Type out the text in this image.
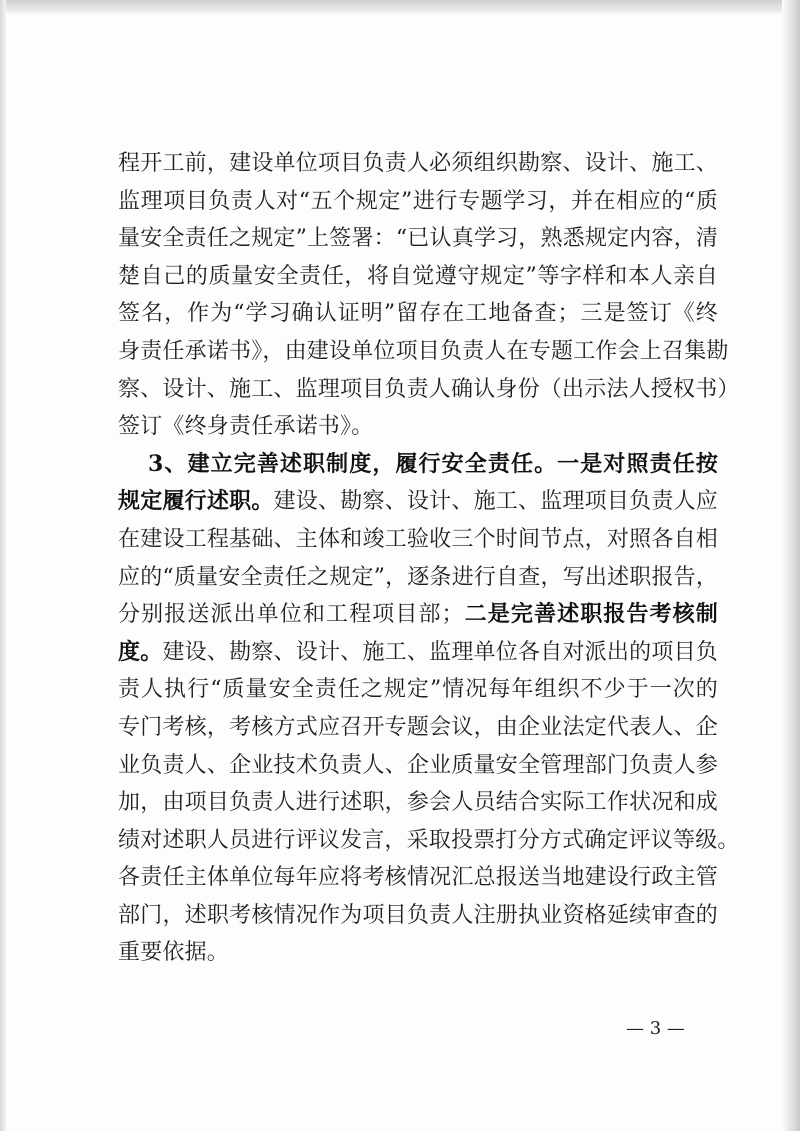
程开工前，建设单位项目负责人必须组织勘察、设计、施工、
监理项目负责人对“五个规定”进行专题学习，并在相应的“质
量安全责任之规定”上签署：“已认真学习，熟悉规定内容，清
楚自己的质量安全责任，将自觉遵守规定”等字样和本人亲自
签名，作为“学习确认证明”留存在工地备查；三是签订《终
身责任承诺书》，由建设单位项目负责人在专题工作会上召集勘
察、设计、施工、监理项目负责人确认身份（出示法人授权书）
签订《终身责任承诺书》。
3、建立完善述职制度，履行安全责任。一是对照责任按
规定履行述职。建设、勘察、设计、施工、监理项目负责人应
在建设工程基础、主体和竣工验收三个时间节点，对照各自相
应的“质量安全责任之规定”，逐条进行自查，写出述职报告，
分别报送派出单位和工程项目部；二是完善述职报告考核制
度。建设、勘察、设计、施工、监理单位各自对派出的项目负
责人执行“质量安全责任之规定”情况每年组织不少于一次的
专门考核，考核方式应召开专题会议，由企业法定代表人、企
业负责人、企业技术负责人、企业质量安全管理部门负责人参
加，由项目负责人进行述职，参会人员结合实际工作状况和成
绩对述职人员进行评议发言，采取投票打分方式确定评议等级。
各责任主体单位每年应将考核情况汇总报送当地建设行政主管
部门，述职考核情况作为项目负责人注册执业资格延续审查的
重要依据。
— 3 —
